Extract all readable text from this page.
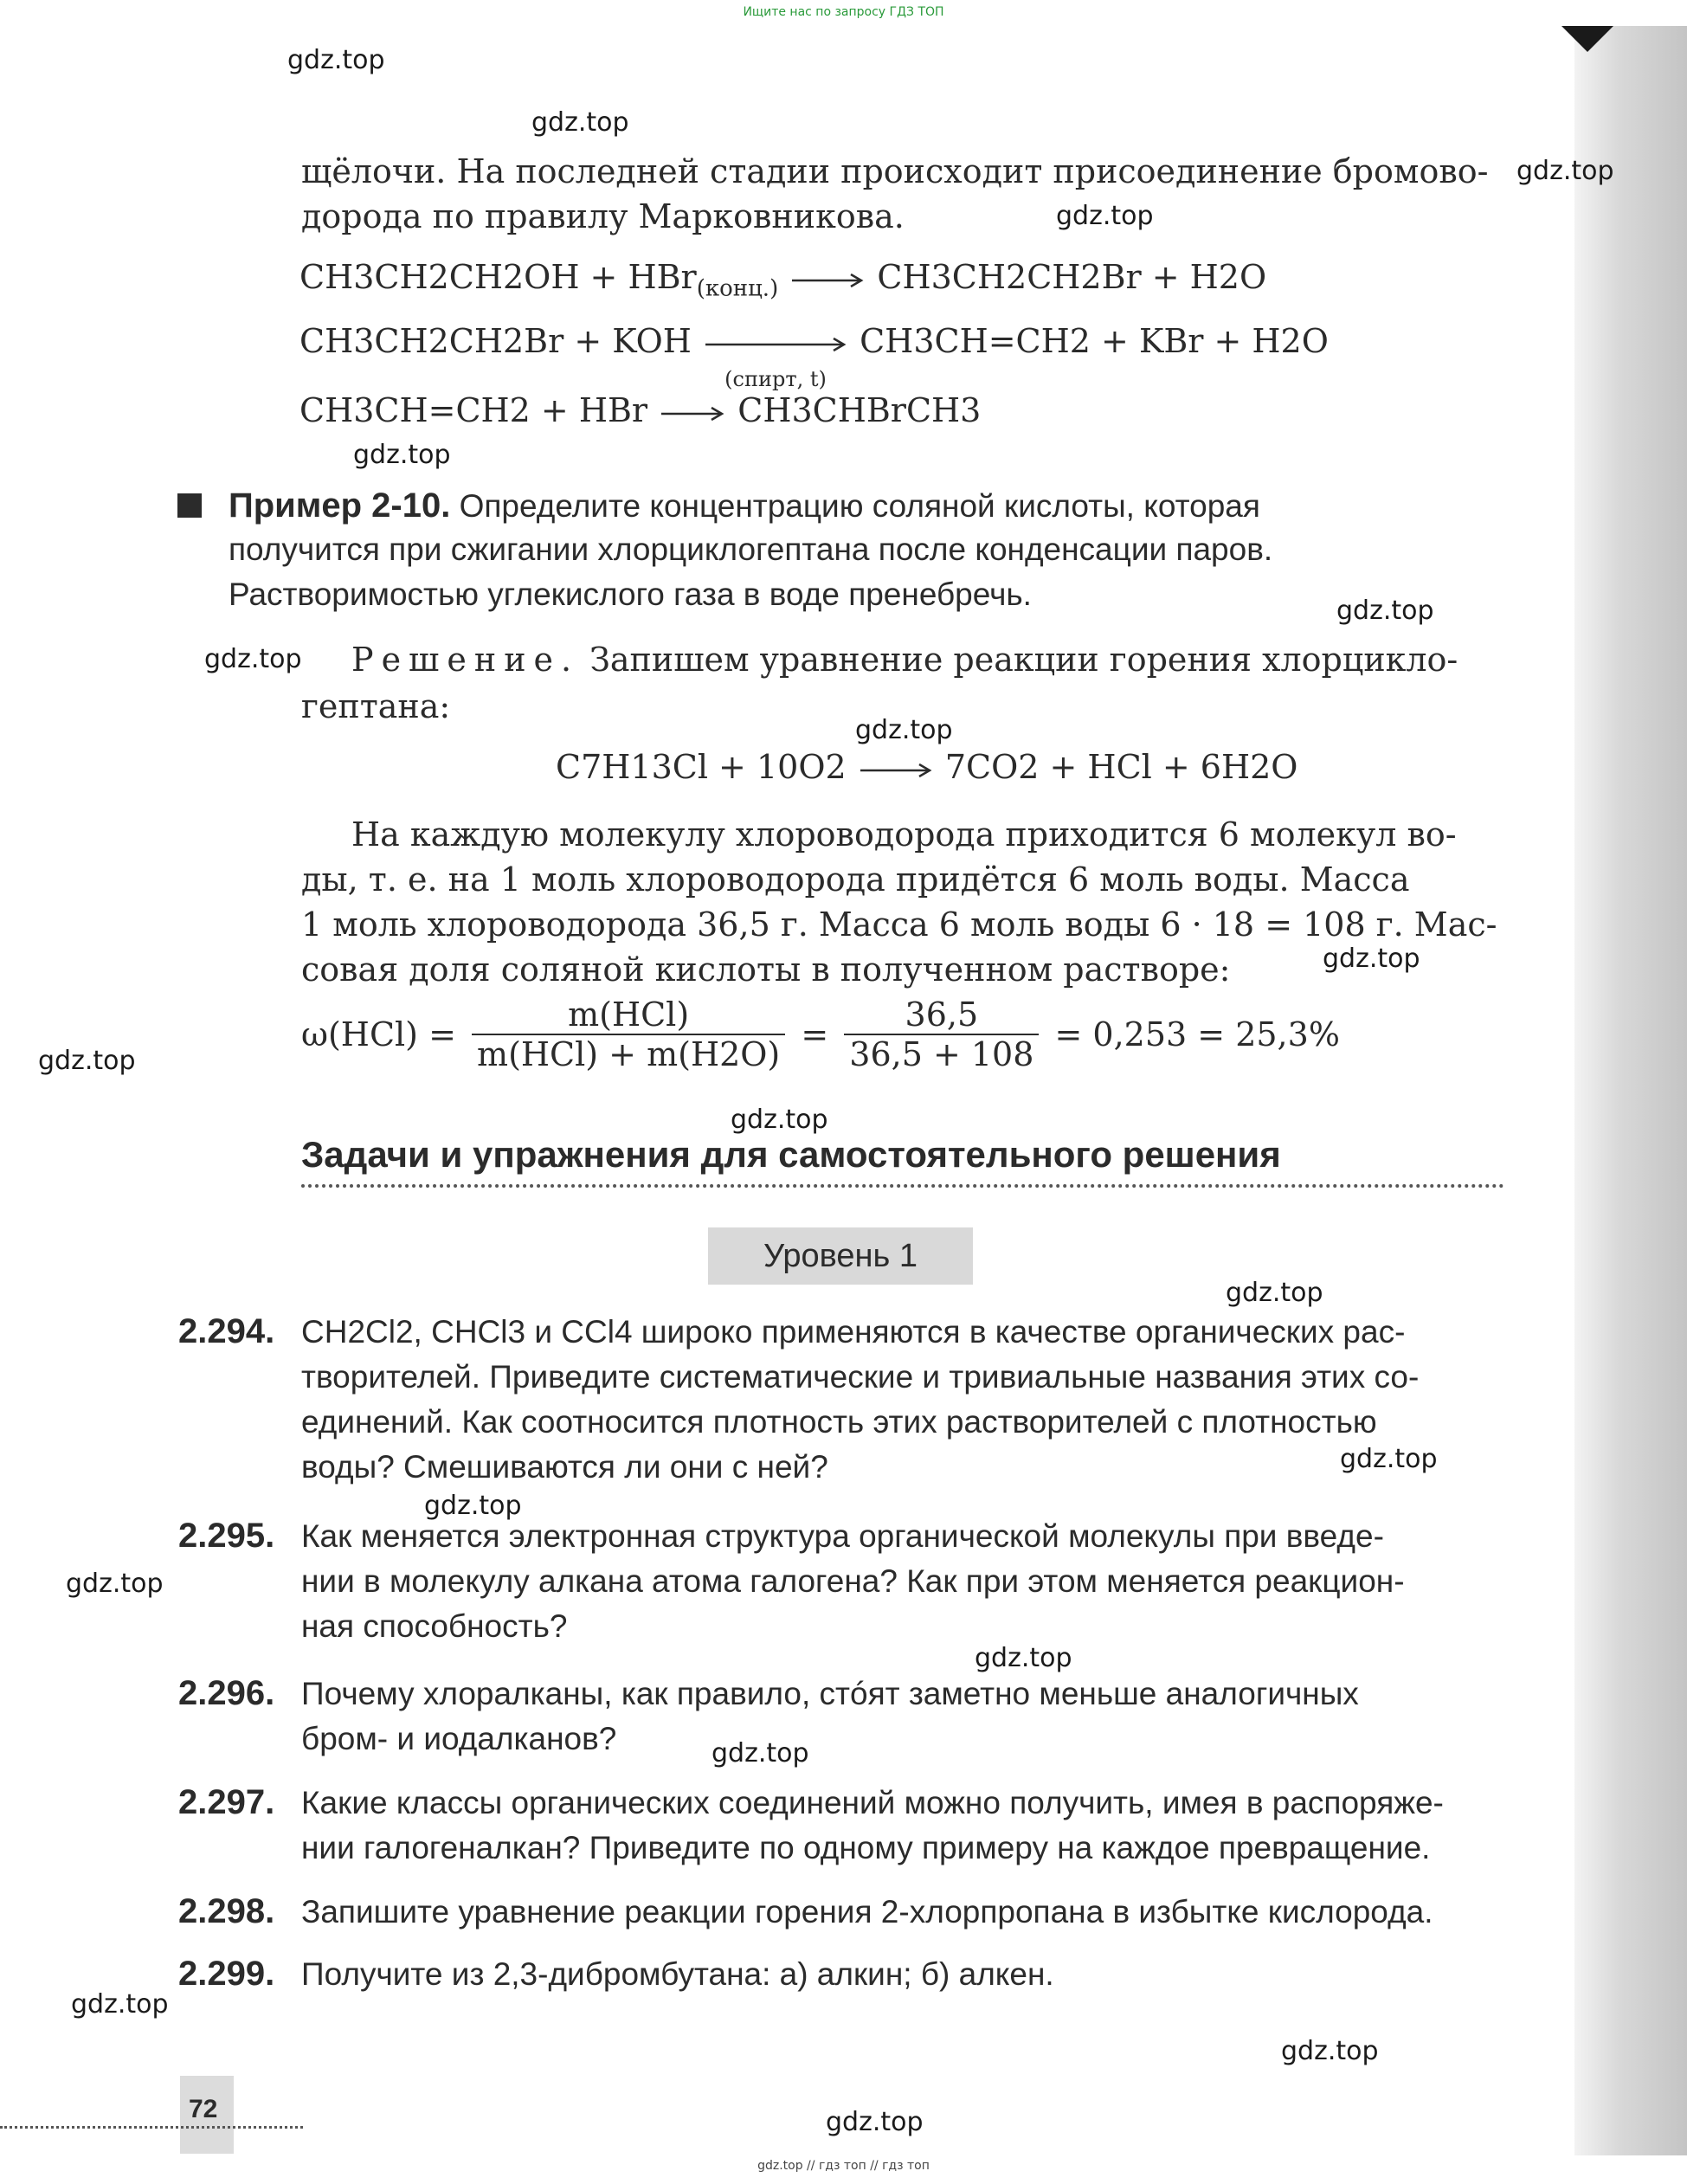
Ищите нас по запросу ГДЗ ТОП
gdz.top
gdz.top
gdz.top
gdz.top
gdz.top
gdz.top
gdz.top
gdz.top
gdz.top
gdz.top
gdz.top
gdz.top
gdz.top
gdz.top
gdz.top
gdz.top
gdz.top
gdz.top
gdz.top
gdz.top
щёлочи. На последней стадии происходит присоединение бромово-
дорода по правилу Марковникова.
CH3CH2CH2OH + HBr$_{(конц.)}$ → CH3CH2CH2Br + H2O
CH3CH2CH2Br + KOH
(спирт, t)
CH3CH=CH2 + KBr + H2O
CH3CH=CH2 + HBr → CH3CHBrCH3
Пример 2-10. Определите концентрацию соляной кислоты, которая
получится при сжигании хлорциклогептана после конденсации паров.
Растворимостью углекислого газа в воде пренебречь.
Решение. Запишем уравнение реакции горения хлорцикло-
гептана:
C7H13Cl + 10O2 → 7CO2 + HCl + 6H2O
На каждую молекулу хлороводорода приходится 6 молекул во-
ды, т. е. на 1 моль хлороводорода придётся 6 моль воды. Масса
1 моль хлороводорода 36,5 г. Масса 6 моль воды 6 · 18 = 108 г. Мас-
совая доля соляной кислоты в полученном растворе:
$\omega(HCl) = \frac{\text{m(HCl)}}{\text{m(HCl) + m(H2O)}} = \frac{36,5}{36,5 + 108} = 0,253 = 25,3\%$
Задачи и упражнения для самостоятельного решения
Уровень 1
2.294. CH2Cl2, CHCl3 и CCl4 широко применяются в качестве органических рас-
творителей. Приведите систематические и тривиальные названия этих со-
единений. Как соотносится плотность этих растворителей с плотностью
воды? Смешиваются ли они с ней?
2.295. Как меняется электронная структура органической молекулы при введе-
нии в молекулу алкана атома галогена? Как при этом меняется реакцион-
ная способность?
2.296. Почему хлоралканы, как правило, стóят заметно меньше аналогичных
бром- и иодалканов?
2.297. Какие классы органических соединений можно получить, имея в распоряже-
нии галогеналкан? Приведите по одному примеру на каждое превращение.
2.298. Запишите уравнение реакции горения 2-хлорпропана в избытке кислорода.
2.299. Получите из 2,3-дибромбутана: а) алкин; б) алкен.
72
gdz.top // гдз топ // гдз топ
